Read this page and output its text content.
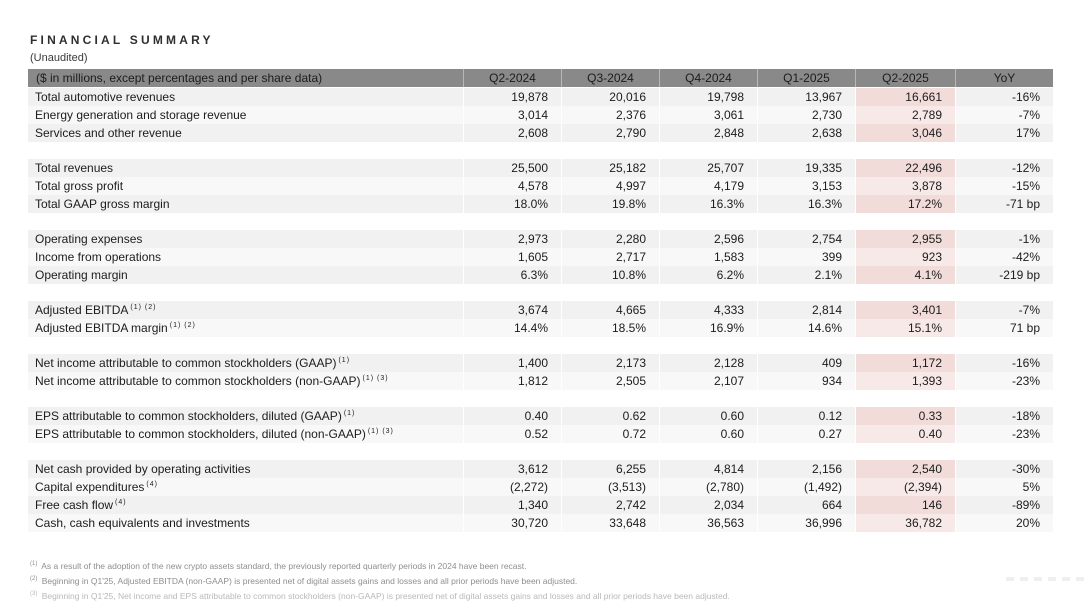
FINANCIAL SUMMARY
(Unaudited)
($ in millions, except percentages and per share data)	Q2-2024	Q3-2024	Q4-2024	Q1-2025	Q2-2025	YoY
Total automotive revenues	19,878	20,016	19,798	13,967	16,661	-16%
Energy generation and storage revenue	3,014	2,376	3,061	2,730	2,789	-7%
Services and other revenue	2,608	2,790	2,848	2,638	3,046	17%
Total revenues	25,500	25,182	25,707	19,335	22,496	-12%
Total gross profit	4,578	4,997	4,179	3,153	3,878	-15%
Total GAAP gross margin	18.0%	19.8%	16.3%	16.3%	17.2%	-71 bp
Operating expenses	2,973	2,280	2,596	2,754	2,955	-1%
Income from operations	1,605	2,717	1,583	399	923	-42%
Operating margin	6.3%	10.8%	6.2%	2.1%	4.1%	-219 bp
Adjusted EBITDA $^{(1) (2)}$	3,674	4,665	4,333	2,814	3,401	-7%
Adjusted EBITDA margin $^{(1) (2)}$	14.4%	18.5%	16.9%	14.6%	15.1%	71 bp
Net income attributable to common stockholders (GAAP) $^{(1)}$	1,400	2,173	2,128	409	1,172	-16%
Net income attributable to common stockholders (non-GAAP) $^{(1) (3)}$	1,812	2,505	2,107	934	1,393	-23%
EPS attributable to common stockholders, diluted (GAAP) $^{(1)}$	0.40	0.62	0.60	0.12	0.33	-18%
EPS attributable to common stockholders, diluted (non-GAAP) $^{(1) (3)}$	0.52	0.72	0.60	0.27	0.40	-23%
Net cash provided by operating activities	3,612	6,255	4,814	2,156	2,540	-30%
Capital expenditures $^{(4)}$	(2,272)	(3,513)	(2,780)	(1,492)	(2,394)	5%
Free cash flow $^{(4)}$	1,340	2,742	2,034	664	146	-89%
Cash, cash equivalents and investments	30,720	33,648	36,563	36,996	36,782	20%
$^{(1)}$ As a result of the adoption of the new crypto assets standard, the previously reported quarterly periods in 2024 have been recast.
$^{(2)}$ Beginning in Q1'25, Adjusted EBITDA (non-GAAP) is presented net of digital assets gains and losses and all prior periods have been adjusted.
$^{(3)}$ Beginning in Q1'25, Net income and EPS attributable to common stockholders (non-GAAP) is presented net of digital assets gains and losses and all prior periods have been adjusted.
